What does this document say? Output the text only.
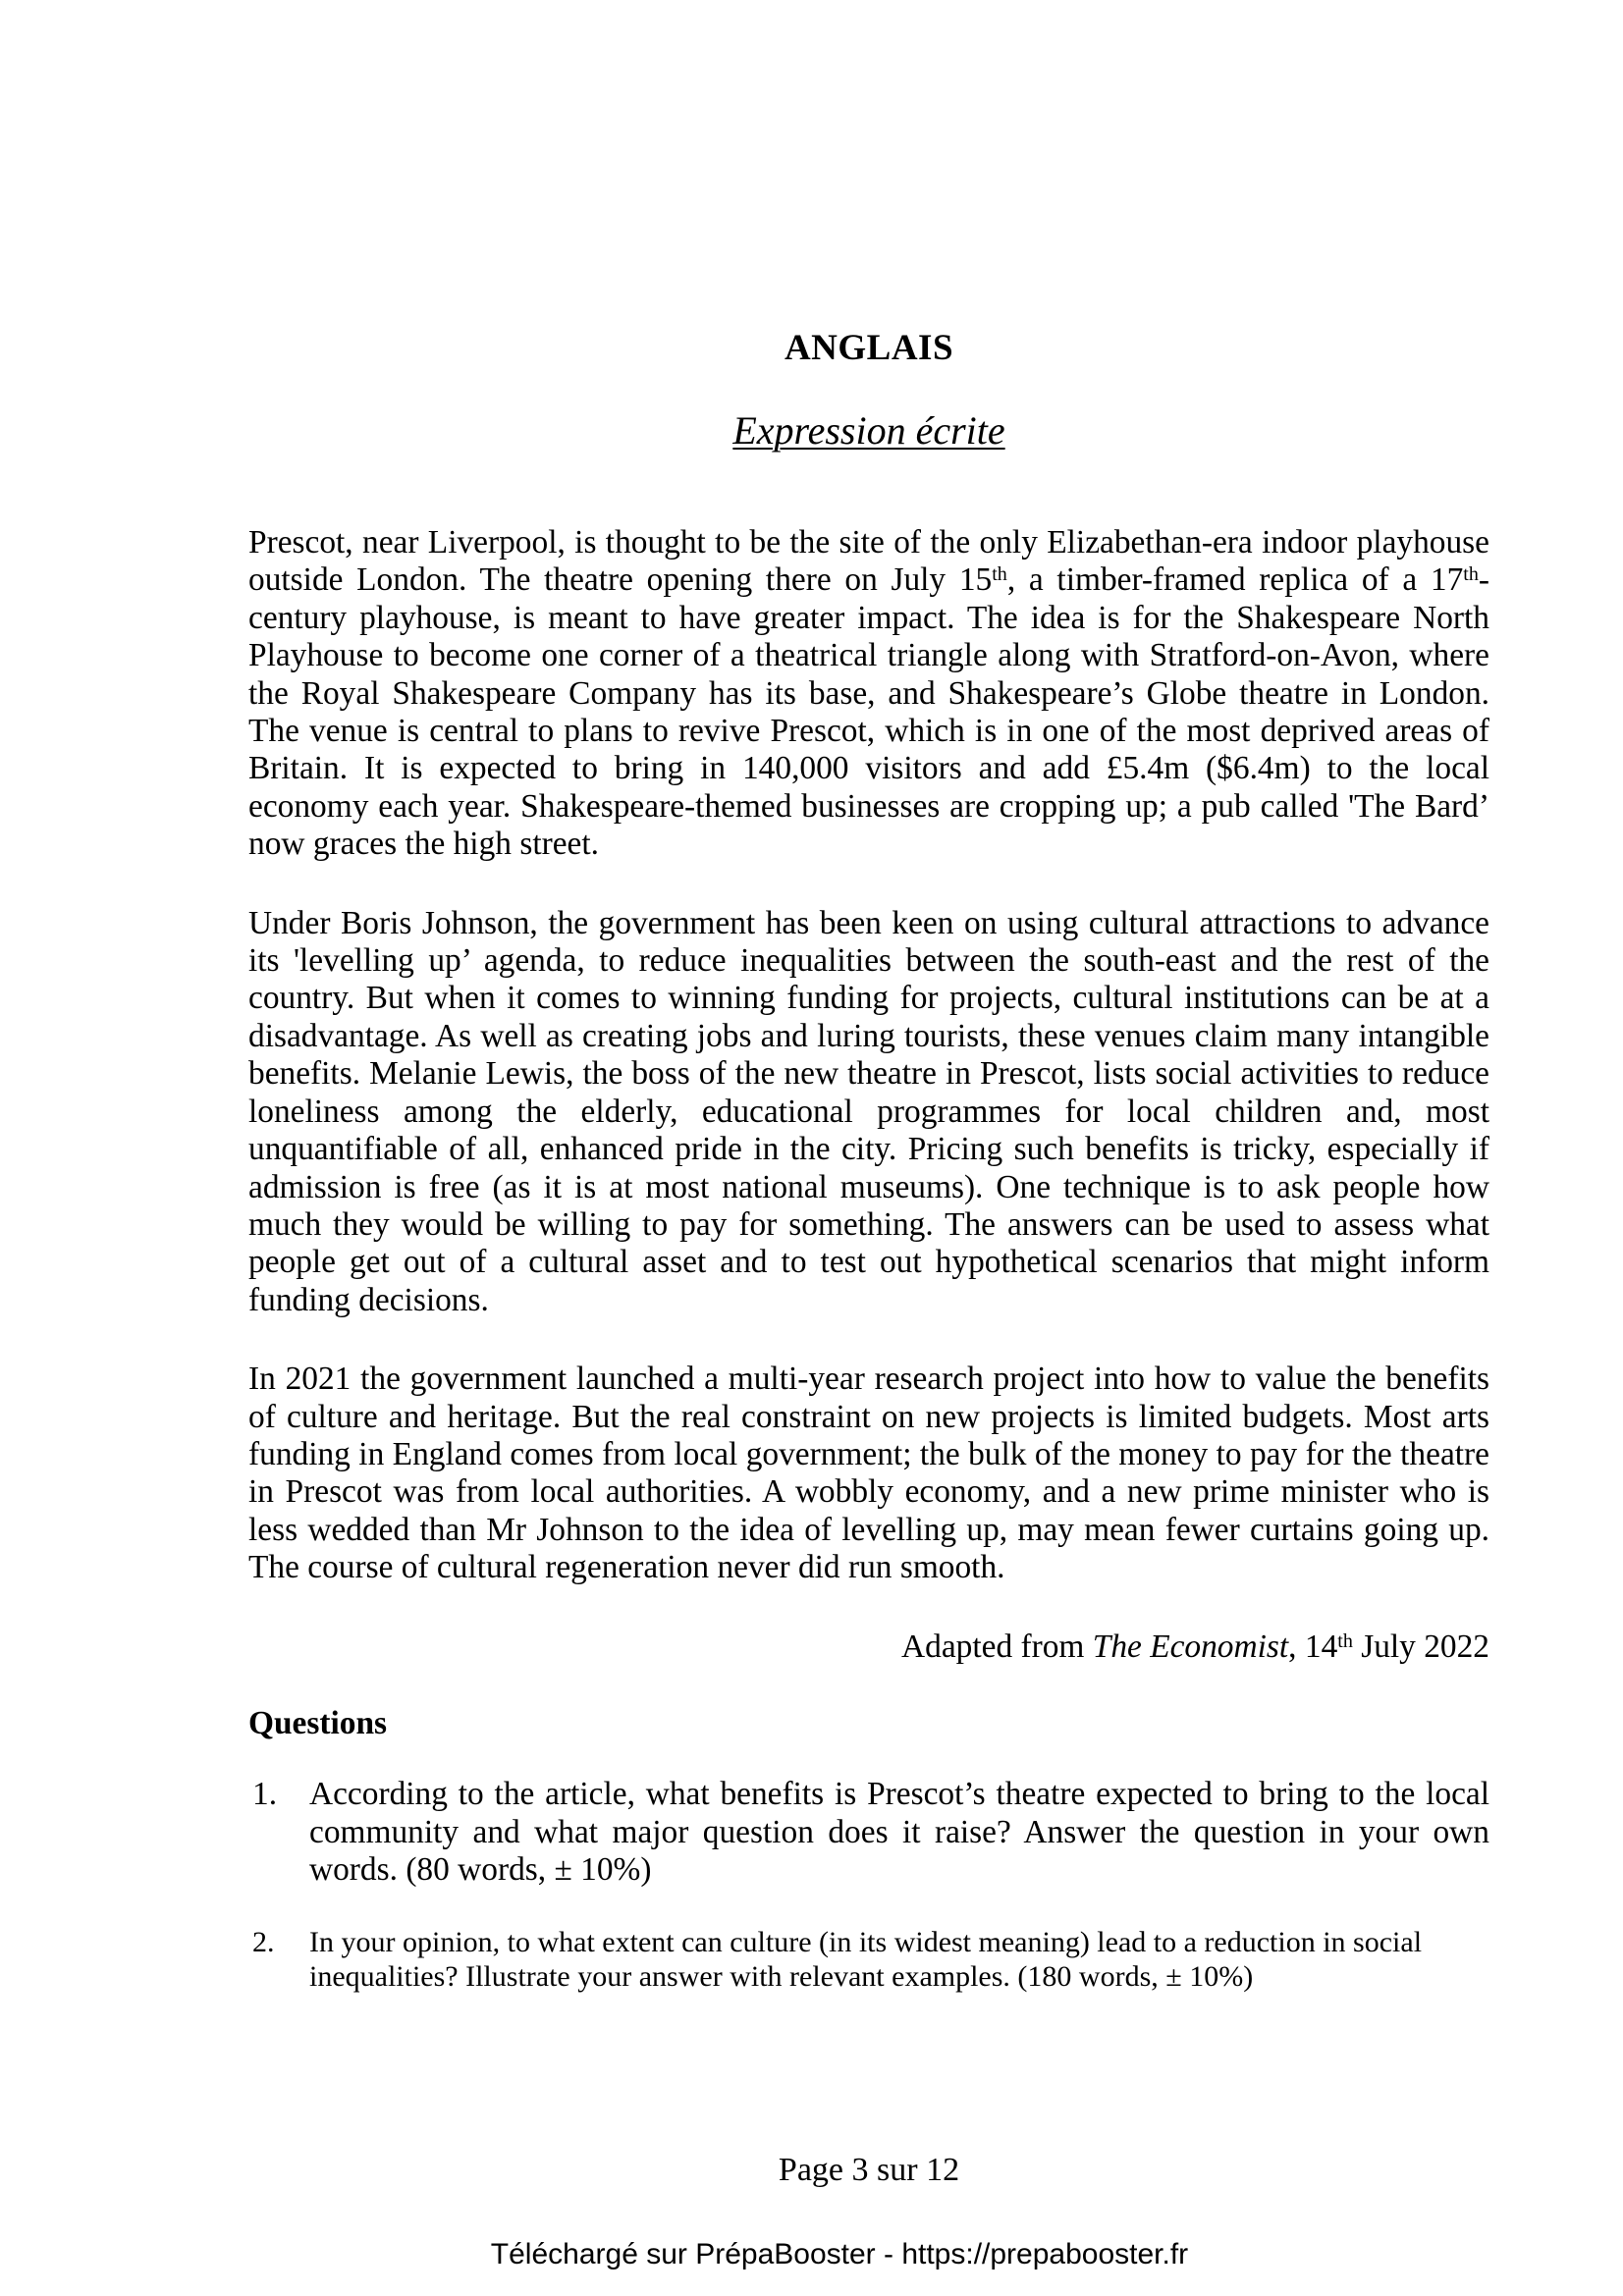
ANGLAIS
Expression écrite

Prescot, near Liverpool, is thought to be the site of the only Elizabethan-era indoor playhouse outside London. The theatre opening there on July 15th, a timber-framed replica of a 17th-century playhouse, is meant to have greater impact. The idea is for the Shakespeare North Playhouse to become one corner of a theatrical triangle along with Stratford-on-Avon, where the Royal Shakespeare Company has its base, and Shakespeare’s Globe theatre in London. The venue is central to plans to revive Prescot, which is in one of the most deprived areas of Britain. It is expected to bring in 140,000 visitors and add £5.4m ($6.4m) to the local economy each year. Shakespeare-themed businesses are cropping up; a pub called 'The Bard’ now graces the high street.

Under Boris Johnson, the government has been keen on using cultural attractions to advance its 'levelling up’ agenda, to reduce inequalities between the south-east and the rest of the country. But when it comes to winning funding for projects, cultural institutions can be at a disadvantage. As well as creating jobs and luring tourists, these venues claim many intangible benefits. Melanie Lewis, the boss of the new theatre in Prescot, lists social activities to reduce loneliness among the elderly, educational programmes for local children and, most unquantifiable of all, enhanced pride in the city. Pricing such benefits is tricky, especially if admission is free (as it is at most national museums). One technique is to ask people how much they would be willing to pay for something. The answers can be used to assess what people get out of a cultural asset and to test out hypothetical scenarios that might inform funding decisions.

In 2021 the government launched a multi-year research project into how to value the benefits of culture and heritage. But the real constraint on new projects is limited budgets. Most arts funding in England comes from local government; the bulk of the money to pay for the theatre in Prescot was from local authorities. A wobbly economy, and a new prime minister who is less wedded than Mr Johnson to the idea of levelling up, may mean fewer curtains going up. The course of cultural regeneration never did run smooth.

Adapted from The Economist, 14th July 2022

Questions
1. According to the article, what benefits is Prescot’s theatre expected to bring to the local community and what major question does it raise? Answer the question in your own words. (80 words, ± 10%)
2. In your opinion, to what extent can culture (in its widest meaning) lead to a reduction in social inequalities? Illustrate your answer with relevant examples. (180 words, ± 10%)
Page 3 sur 12
Téléchargé sur PrépaBooster - https://prepabooster.fr
